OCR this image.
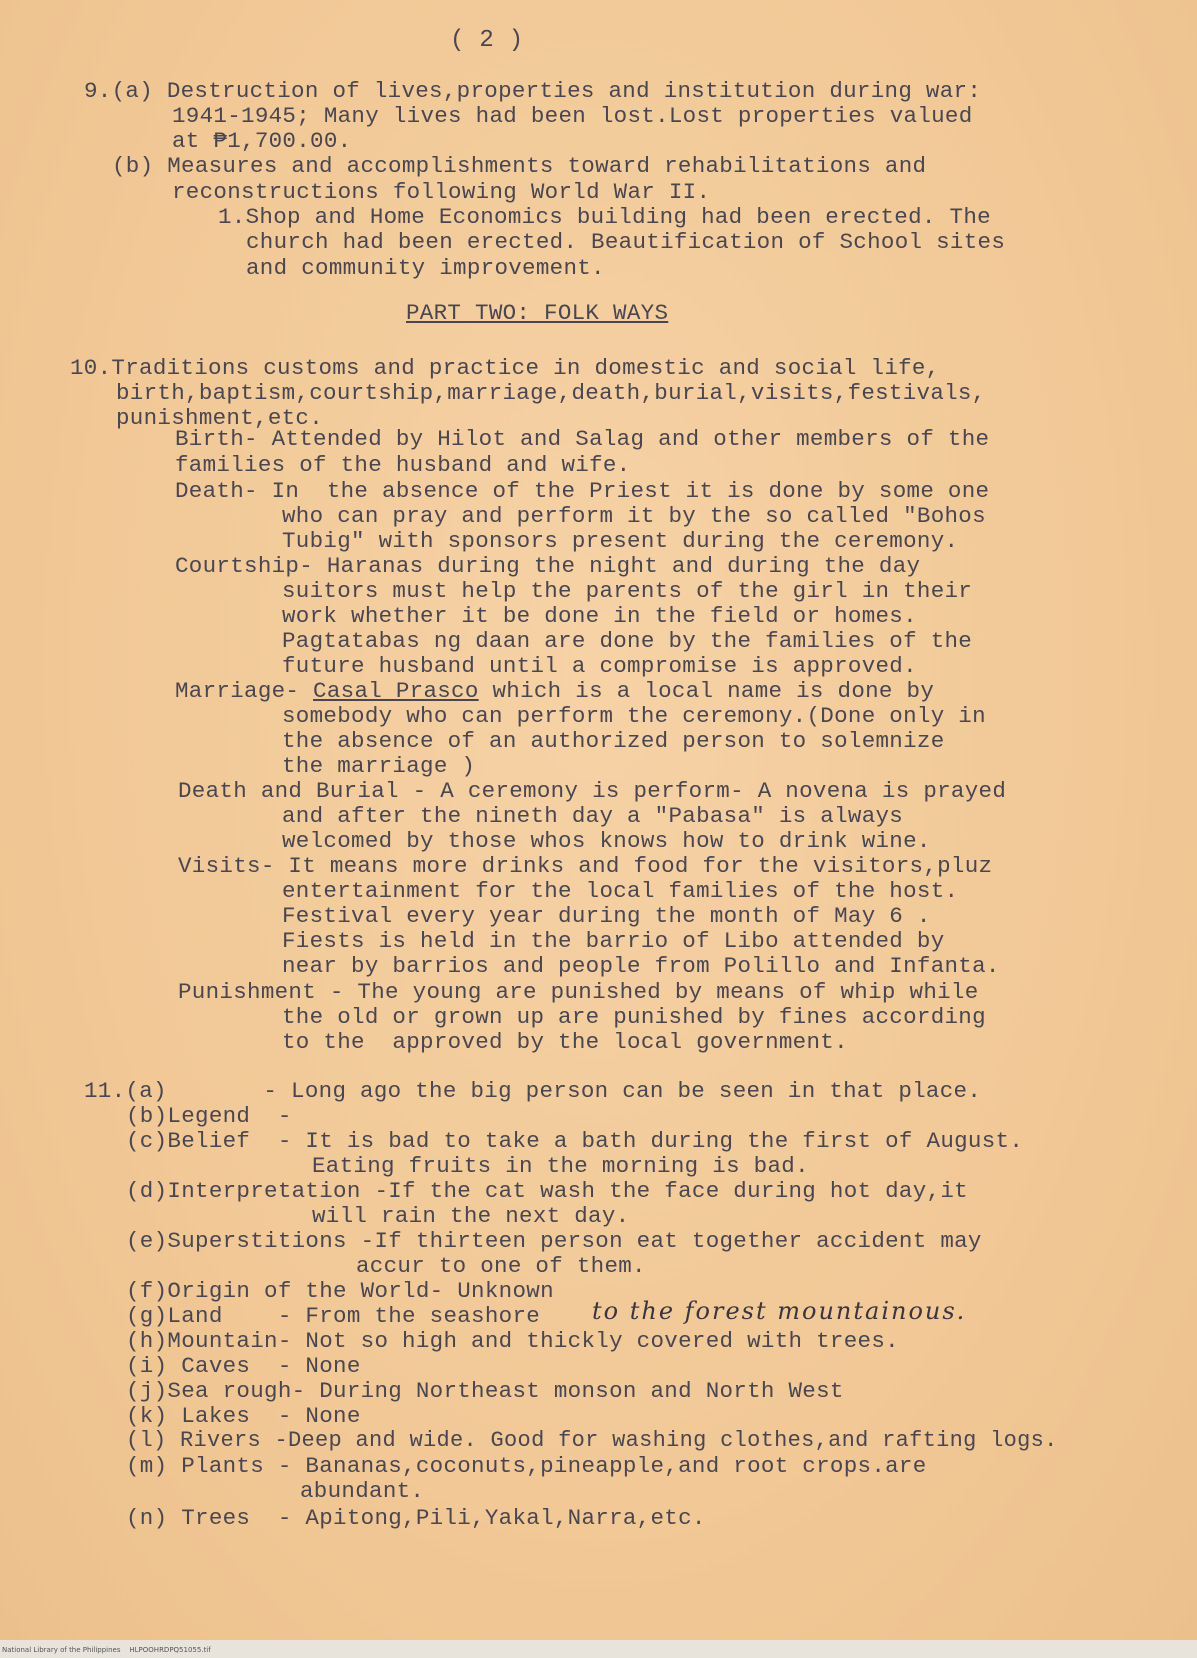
( 2 )
9.(a) Destruction of lives,properties and institution during war:
1941-1945; Many lives had been lost.Lost properties valued
at ₱1,700.00.
(b) Measures and accomplishments toward rehabilitations and
reconstructions following World War II.
1.Shop and Home Economics building had been erected. The
church had been erected. Beautification of School sites
and community improvement.
PART TWO: FOLK WAYS
10.Traditions customs and practice in domestic and social life,
birth,baptism,courtship,marriage,death,burial,visits,festivals,
punishment,etc.
Birth- Attended by Hilot and Salag and other members of the
families of the husband and wife.
Death- In  the absence of the Priest it is done by some one
who can pray and perform it by the so called "Bohos
Tubig" with sponsors present during the ceremony.
Courtship- Haranas during the night and during the day
suitors must help the parents of the girl in their
work whether it be done in the field or homes.
Pagtatabas ng daan are done by the families of the
future husband until a compromise is approved.
Marriage- Casal Prasco which is a local name is done by
somebody who can perform the ceremony.(Done only in
the absence of an authorized person to solemnize
the marriage )
Death and Burial - A ceremony is perform- A novena is prayed
and after the nineth day a "Pabasa" is always
welcomed by those whos knows how to drink wine.
Visits- It means more drinks and food for the visitors,pluz
entertainment for the local families of the host.
Festival every year during the month of May 6 .
Fiests is held in the barrio of Libo attended by
near by barrios and people from Polillo and Infanta.
Punishment - The young are punished by means of whip while
the old or grown up are punished by fines according
to the  approved by the local government.
11.(a)       - Long ago the big person can be seen in that place.
(b)Legend  -
(c)Belief  - It is bad to take a bath during the first of August.
Eating fruits in the morning is bad.
(d)Interpretation -If the cat wash the face during hot day,it
will rain the next day.
(e)Superstitions -If thirteen person eat together accident may
accur to one of them.
(f)Origin of the World- Unknown
(g)Land    - From the seashore to the forest mountainous.
(h)Mountain- Not so high and thickly covered with trees.
(i) Caves  - None
(j)Sea rough- During Northeast monson and North West
(k) Lakes  - None
(l) Rivers -Deep and wide. Good for washing clothes,and rafting logs.
(m) Plants - Bananas,coconuts,pineapple,and root crops.are
abundant.
(n) Trees  - Apitong,Pili,Yakal,Narra,etc.
National Library of the Philippines    HLPOOHRDPQ51055.tif
